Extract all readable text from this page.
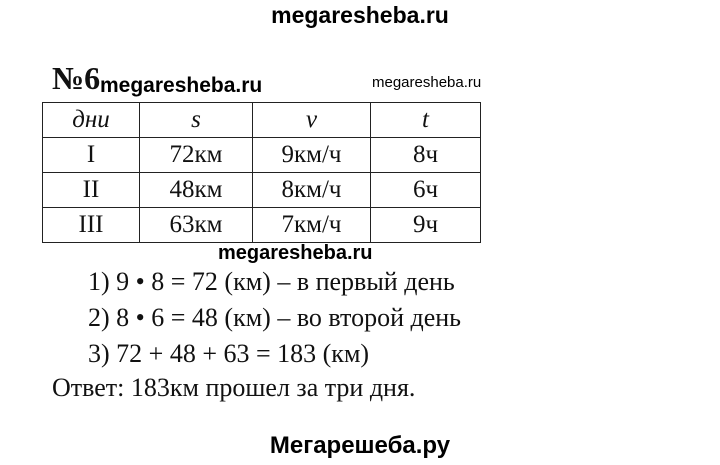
megaresheba.ru
№6 megaresheba.ru	megaresheba.ru
дни	s	v	t
I	72км	9км/ч	8ч
II	48км	8км/ч	6ч
III	63км	7км/ч	9ч
megaresheba.ru
1) 9 • 8 = 72 (км) – в первый день
2) 8 • 6 = 48 (км) – во второй день
3) 72 + 48 + 63 = 183 (км)
Ответ: 183км прошел за три дня.
Мегарешеба.ру
